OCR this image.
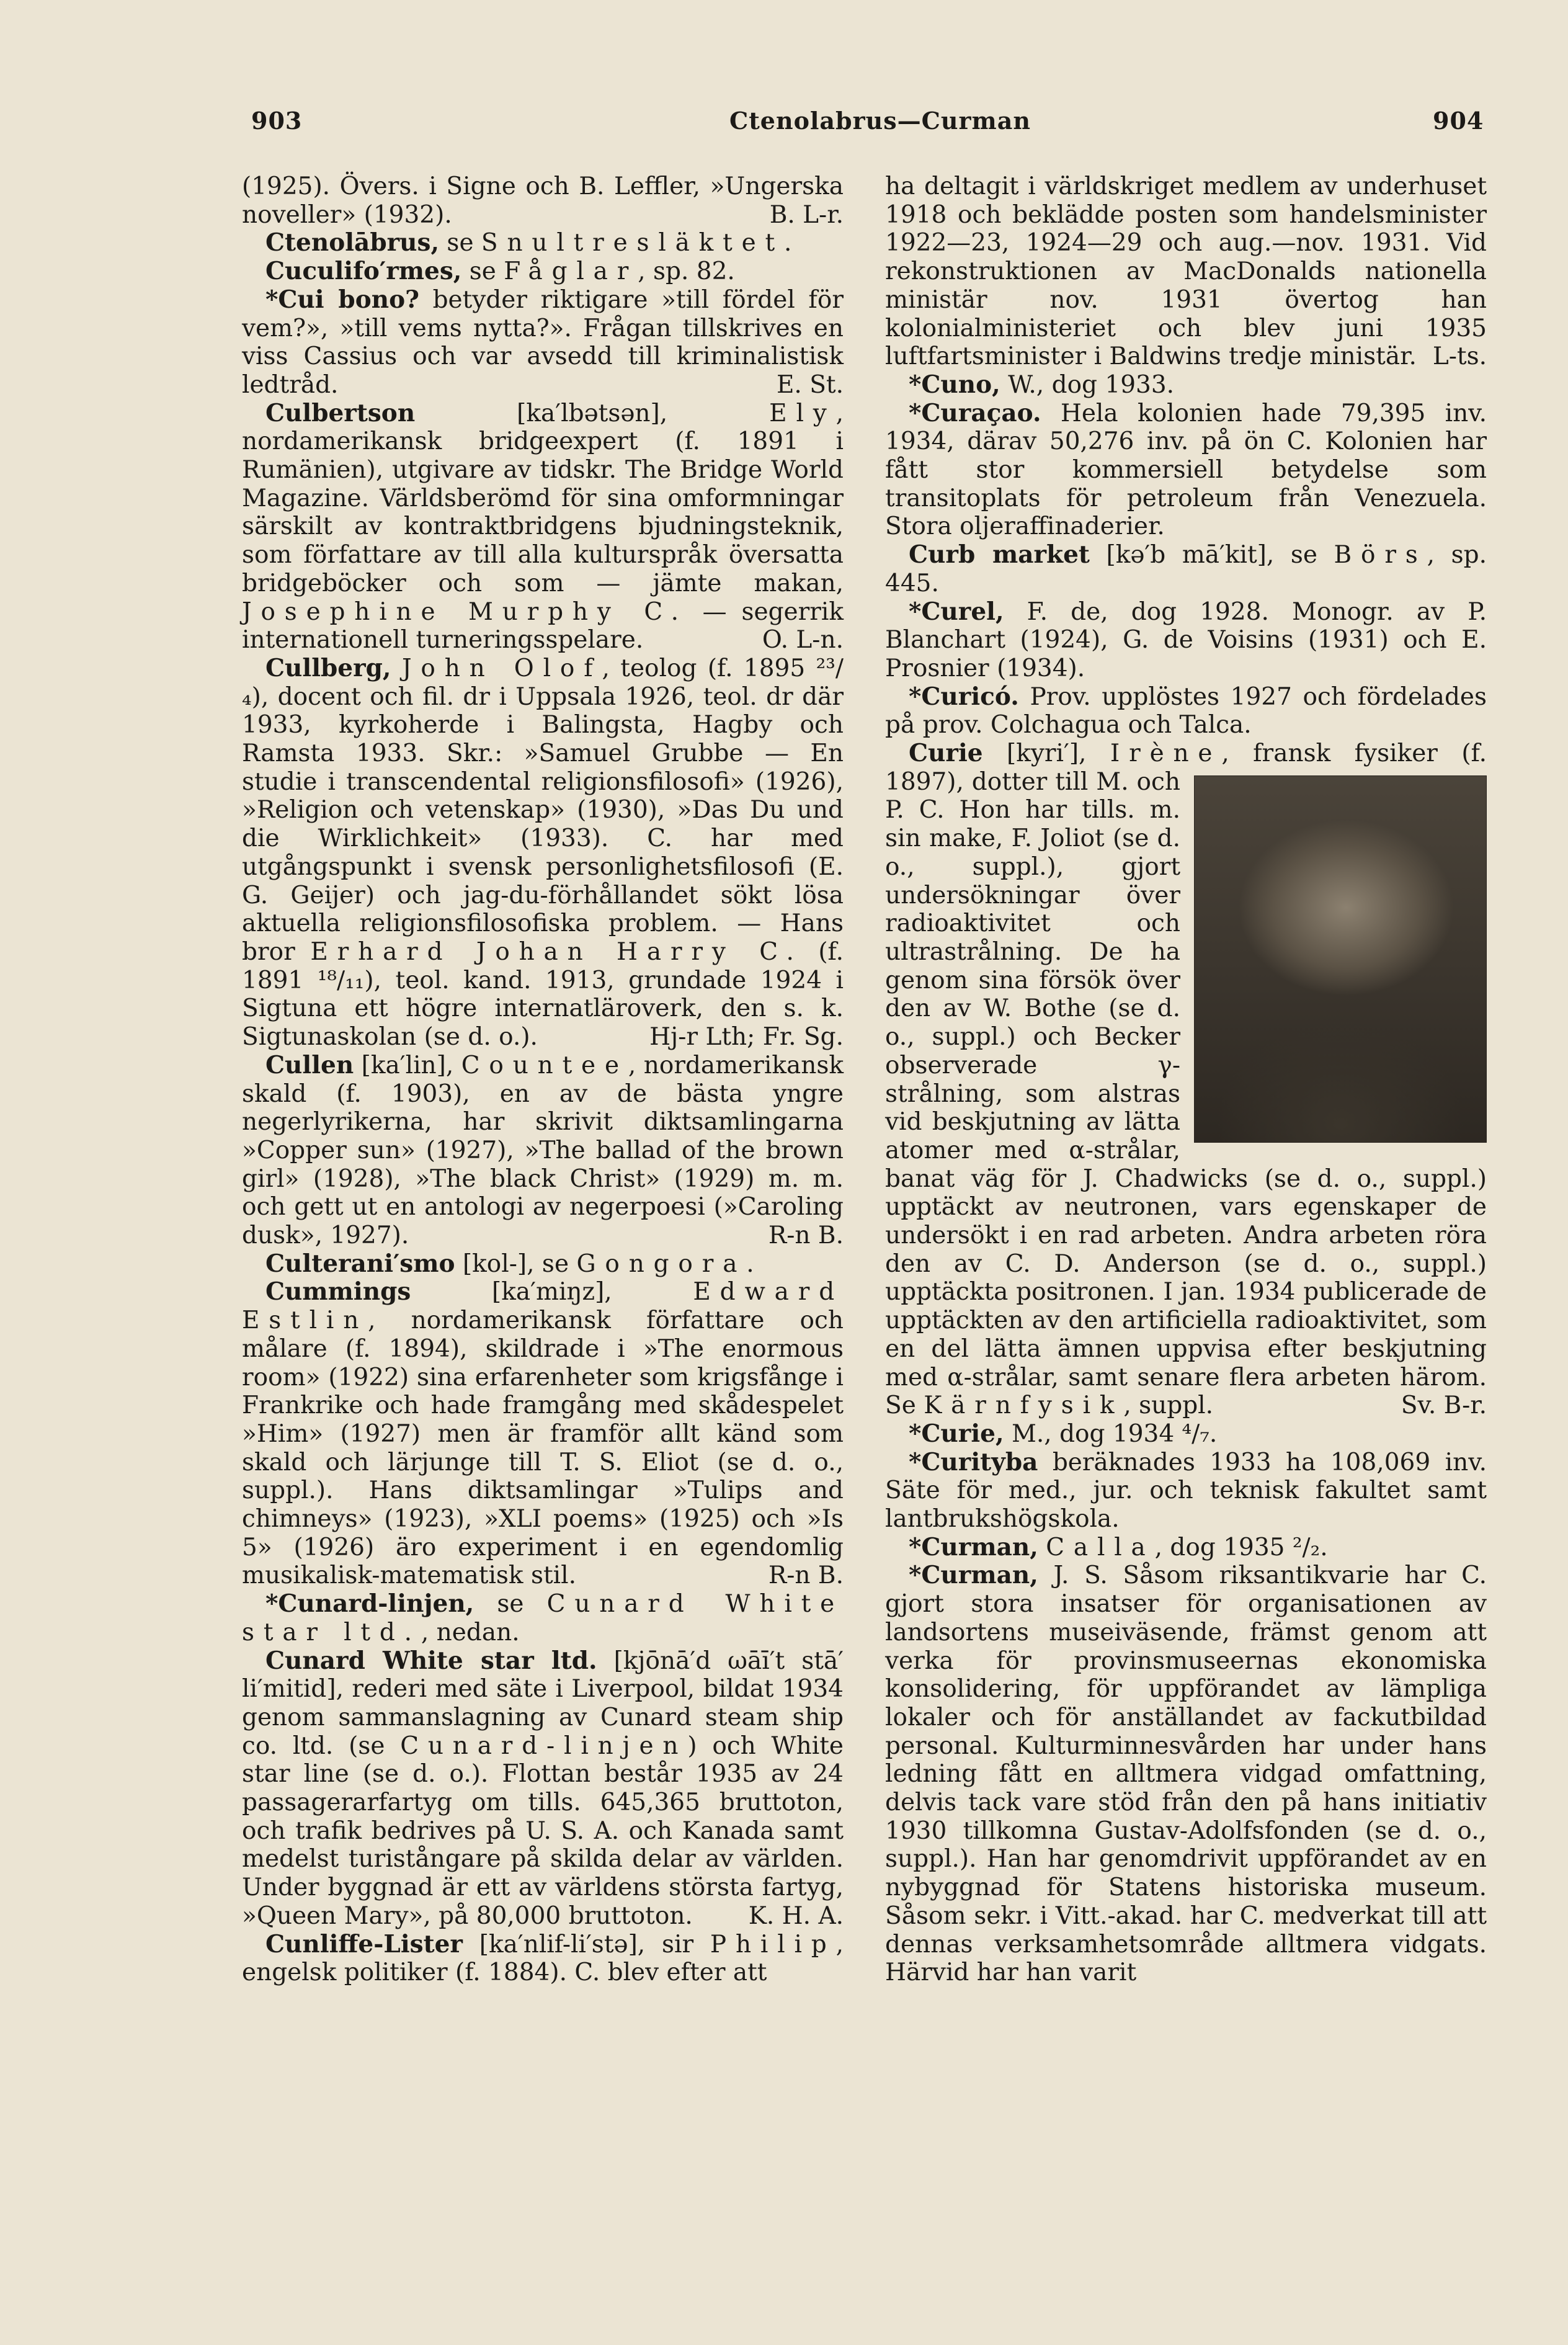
903	Ctenolabrus—Curman	904

(1925). Övers. i Signe och B. Leffler, »Ungerska noveller» (1932).	B. L-r.

Ctenolābrus, se Snultresläktet.

Cuculifo′rmes, se Fåglar, sp. 82.

*Cui bono? betyder riktigare »till fördel för vem?», »till vems nytta?». Frågan tillskrives en viss Cassius och var avsedd till kriminalistisk ledtråd.	E. St.

Culbertson [ka′lbətsən], Ely, nordamerikansk bridgeexpert (f. 1891 i Rumänien), utgivare av tidskr. The Bridge World Magazine. Världsberömd för sina omformningar särskilt av kontraktbridgens bjudningsteknik, som författare av till alla kulturspråk översatta bridgeböcker och som — jämte makan, Josephine Murphy C. — segerrik internationell turneringsspelare.	O. L-n.

Cullberg, John Olof, teolog (f. 1895 ²³/₄), docent och fil. dr i Uppsala 1926, teol. dr där 1933, kyrkoherde i Balingsta, Hagby och Ramsta 1933. Skr.: »Samuel Grubbe — En studie i transcendental religionsfilosofi» (1926), »Religion och vetenskap» (1930), »Das Du und die Wirklichkeit» (1933). C. har med utgångspunkt i svensk personlighetsfilosofi (E. G. Geijer) och jag-du-förhållandet sökt lösa aktuella religionsfilosofiska problem. — Hans bror Erhard Johan Harry C. (f. 1891 ¹⁸/₁₁), teol. kand. 1913, grundade 1924 i Sigtuna ett högre internatläroverk, den s. k. Sigtunaskolan (se d. o.).	Hj-r Lth; Fr. Sg.

Cullen [ka′lin], Countee, nordamerikansk skald (f. 1903), en av de bästa yngre negerlyrikerna, har skrivit diktsamlingarna »Copper sun» (1927), »The ballad of the brown girl» (1928), »The black Christ» (1929) m. m. och gett ut en antologi av negerpoesi (»Caroling dusk», 1927).	R-n B.

Culterani′smo [kol-], se Gongora.

Cummings [ka′miŋz], Edward Estlin, nordamerikansk författare och målare (f. 1894), skildrade i »The enormous room» (1922) sina erfarenheter som krigsfånge i Frankrike och hade framgång med skådespelet »Him» (1927) men är framför allt känd som skald och lärjunge till T. S. Eliot (se d. o., suppl.). Hans diktsamlingar »Tulips and chimneys» (1923), »XLI poems» (1925) och »Is 5» (1926) äro experiment i en egendomlig musikalisk-matematisk stil.	R-n B.

*Cunard-linjen, se Cunard White star ltd., nedan.

Cunard White star ltd. [kjōnā′d ωāī′t stā′ li′mitid], rederi med säte i Liverpool, bildat 1934 genom sammanslagning av Cunard steam ship co. ltd. (se Cunard-linjen) och White star line (se d. o.). Flottan består 1935 av 24 passagerarfartyg om tills. 645,365 bruttoton, och trafik bedrives på U. S. A. och Kanada samt medelst turistångare på skilda delar av världen. Under byggnad är ett av världens största fartyg, »Queen Mary», på 80,000 bruttoton. K. H. A.

Cunliffe-Lister [ka′nlif-li′stə], sir Philip, engelsk politiker (f. 1884). C. blev efter att

ha deltagit i världskriget medlem av underhuset 1918 och beklädde posten som handelsminister 1922—23, 1924—29 och aug.—nov. 1931. Vid rekonstruktionen av MacDonalds nationella ministär nov. 1931 övertog han kolonialministeriet och blev juni 1935 luftfartsminister i Baldwins tredje ministär. L-ts.

*Cuno, W., dog 1933.

*Curaçao. Hela kolonien hade 79,395 inv. 1934, därav 50,276 inv. på ön C. Kolonien har fått stor kommersiell betydelse som transitoplats för petroleum från Venezuela. Stora oljeraffinaderier.

Curb market [kə′b mā′kit], se Börs, sp. 445.

*Curel, F. de, dog 1928. Monogr. av P. Blanchart (1924), G. de Voisins (1931) och E. Prosnier (1934).

*Curicó. Prov. upplöstes 1927 och fördelades på prov. Colchagua och Talca.

Curie [kyri′], Irène
, fransk fysiker (f. 1897), dotter till M. och P. C. Hon har tills. m. sin make, F. Joliot (se d. o., suppl.), gjort undersökningar över radioaktivitet och ultrastrålning. De ha genom sina försök över den av W. Bothe (se d. o., suppl.) och Becker observerade γ-strålning, som alstras vid beskjutning av lätta atomer med α-strålar, banat väg för J. Chadwicks (se d. o., suppl.) upptäckt av neutronen, vars egenskaper de undersökt i en rad arbeten. Andra arbeten röra den av C. D. Anderson (se d. o., suppl.) upptäckta positronen. I jan. 1934 publicerade de upptäckten av den artificiella radioaktivitet, som en del lätta ämnen uppvisa efter beskjutning med α-strålar, samt senare flera arbeten härom. Se Kärnfysik, suppl.	Sv. B-r.

*Curie, M., dog 1934 ⁴/₇.

*Curityba beräknades 1933 ha 108,069 inv. Säte för med., jur. och teknisk fakultet samt lantbrukshögskola.

*Curman, Calla, dog 1935 ²/₂.

*Curman, J. S. Såsom riksantikvarie har C. gjort stora insatser för organisationen av landsortens museiväsende, främst genom att verka för provinsmuseernas ekonomiska konsolidering, för uppförandet av lämpliga lokaler och för anställandet av fackutbildad personal. Kulturminnesvården har under hans ledning fått en alltmera vidgad omfattning, delvis tack vare stöd från den på hans initiativ 1930 tillkomna Gustav-Adolfsfonden (se d. o., suppl.). Han har genomdrivit uppförandet av en nybyggnad för Statens historiska museum. Såsom sekr. i Vitt.-akad. har C. medverkat till att dennas verksamhetsområde alltmera vidgats. Härvid har han varit
